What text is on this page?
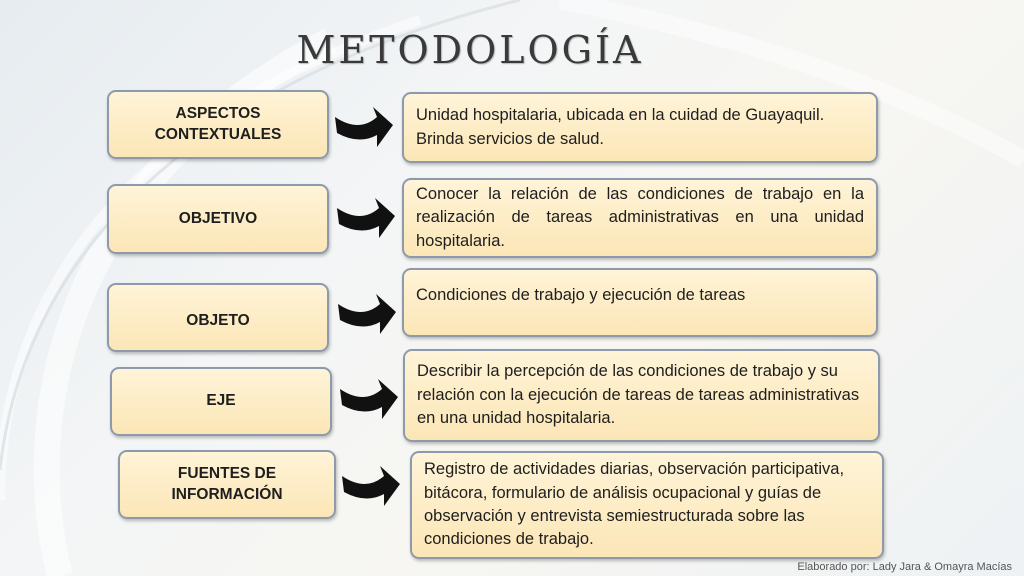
METODOLOGÍA
ASPECTOS CONTEXTUALES
Unidad hospitalaria, ubicada en la cuidad de Guayaquil. Brinda servicios de salud.
OBJETIVO
Conocer la relación de las condiciones de trabajo en la realización de tareas administrativas en una unidad hospitalaria.
OBJETO
Condiciones de trabajo y ejecución de tareas
EJE
Describir la percepción de las condiciones de trabajo y su relación con la ejecución de tareas de tareas administrativas en una unidad hospitalaria.
FUENTES DE INFORMACIÓN
Registro de actividades diarias, observación participativa, bitácora, formulario de análisis ocupacional y guías de observación y entrevista semiestructurada sobre las condiciones de trabajo.
Elaborado por: Lady Jara & Omayra Macías
